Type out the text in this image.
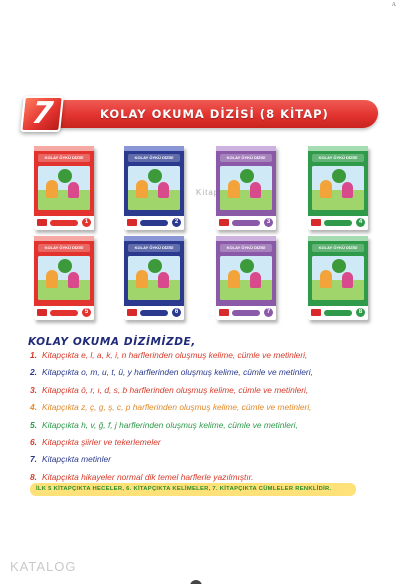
A
KOLAY OKUMA DİZİSİ (8 KİTAP)
7
KOLAY ÖYKÜ DİZİSİ
1
KOLAY ÖYKÜ DİZİSİ
2
KOLAY ÖYKÜ DİZİSİ
3
KOLAY ÖYKÜ DİZİSİ
4
KOLAY ÖYKÜ DİZİSİ
5
KOLAY ÖYKÜ DİZİSİ
6
KOLAY ÖYKÜ DİZİSİ
7
KOLAY ÖYKÜ DİZİSİ
8
Kitap
KOLAY OKUMA DİZİMİZDE,
1. Kitapçıkta e, l, a, k, i, n harflerinden oluşmuş kelime, cümle ve metinleri,
2. Kitapçıkta o, m, u, t, ü, y harflerinden oluşmuş kelime, cümle ve metinleri,
3. Kitapçıkta ö, r, ı, d, s, b harflerinden oluşmuş kelime, cümle ve metinleri,
4. Kitapçıkta z, ç, g, ş, c, p harflerinden oluşmuş kelime, cümle ve metinleri,
5. Kitapçıkta h, v, ğ, f, j harflerinden oluşmuş kelime, cümle ve metinleri,
6. Kitapçıkta şiirler ve tekerlemeler
7. Kitapçıkta metinler
8. Kitapçıkta hikayeler normal dik temel harflerle yazılmıştır.
İLK 5 KİTAPÇIKTA HECELER, 6. KİTAPÇIKTA KELİMELER, 7. KİTAPÇIKTA CÜMLELER RENKLİDİR.
KATALOG
